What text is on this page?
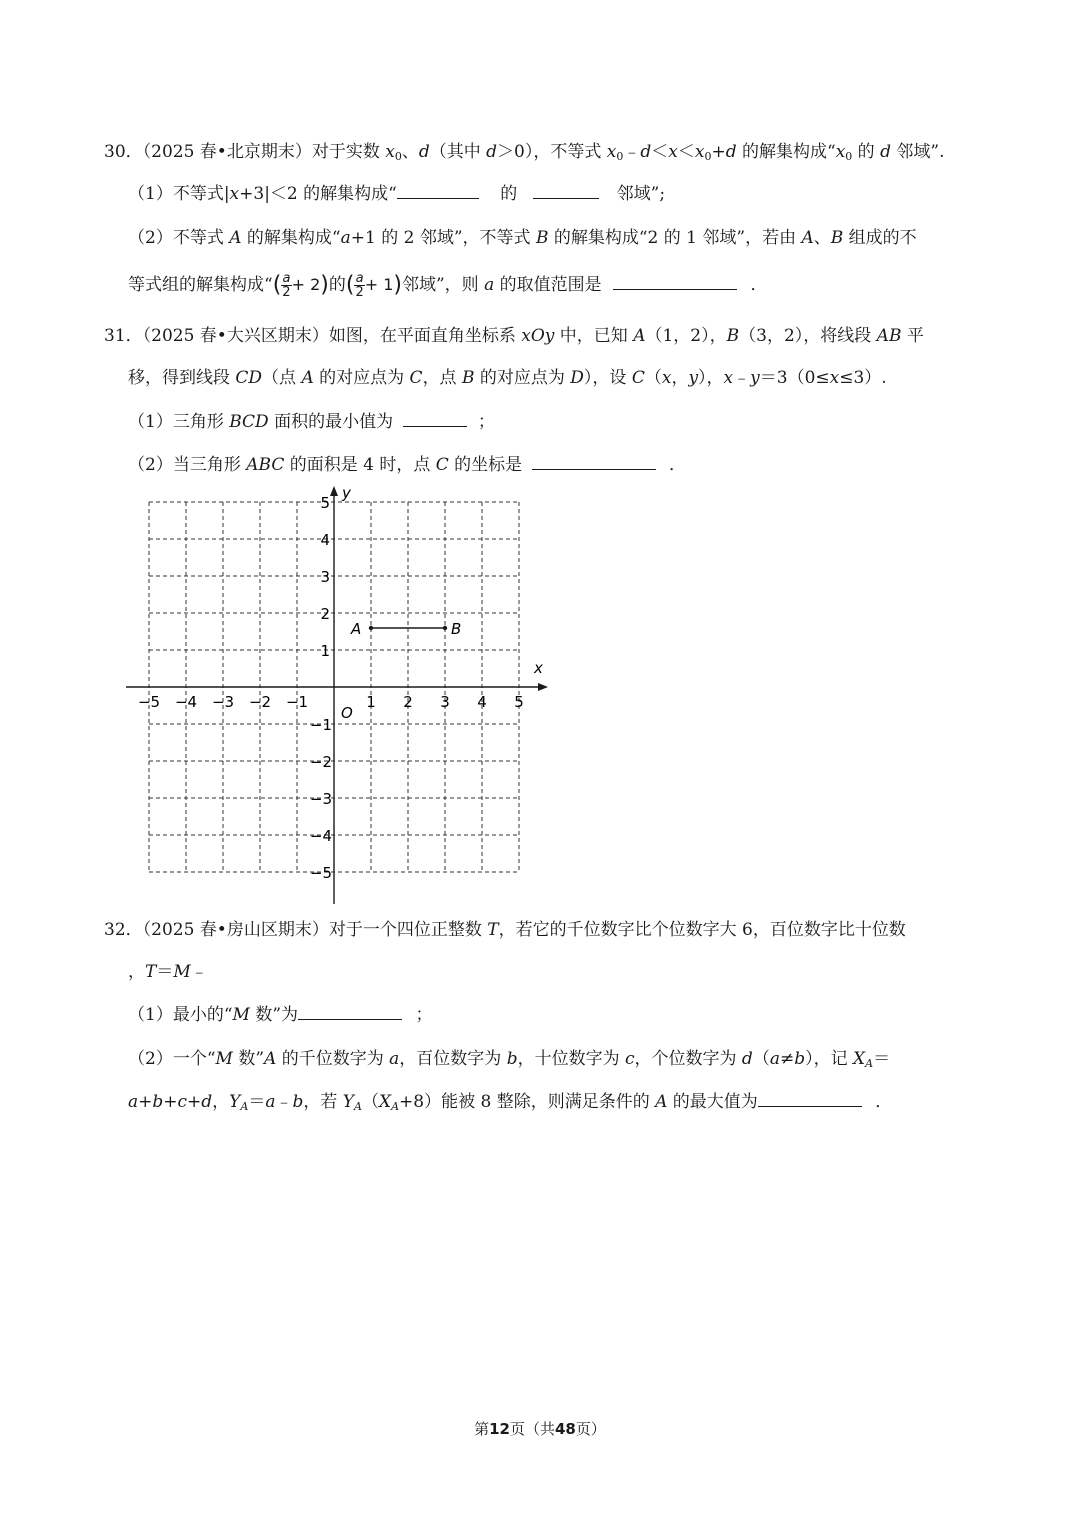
30．（2025 春•北京期末）对于实数 x0、d（其中 d＞0），不等式 x0﹣d＜x＜x0+d 的解集构成“x0 的 d 邻域”.
（1）不等式|x+3|＜2 的解集构成“	的	邻域”;
（2）不等式 A 的解集构成“a+1 的 2 邻域”，不等式 B 的解集构成“2 的 1 邻域”，若由 A、B 组成的不
等式组的解集构成“( $\frac{a}{2} + 2$)的( $\frac{a}{2} + 1$)邻域”，则 a 的取值范围是	．
31．（2025 春•大兴区期末）如图，在平面直角坐标系 xOy 中，已知 A（1，2），B（3，2），将线段 AB 平
移，得到线段 CD（点 A 的对应点为 C，点 B 的对应点为 D），设 C（x，y），x﹣y＝3（0≤x≤3）.
（1）三角形 BCD 面积的最小值为	；
（2）当三角形 ABC 的面积是 4 时，点 C 的坐标是	．
x
y
O
−5 −4 −3 −2 −1	1 2 3 4 5
5
4
3
2
1
−1
−2
−3
−4
−5
A	B
32．（2025 春•房山区期末）对于一个四位正整数 T，若它的千位数字比个位数字大 6，百位数字比十位数
，T＝M﹣
（1）最小的“M 数”为	；
（2）一个“M 数”A 的千位数字为 a，百位数字为 b，十位数字为 c，个位数字为 d（a≠b），记 XA＝
a+b+c+d，YA＝a﹣b，若 YA（XA+8）能被 8 整除，则满足条件的 A 的最大值为	．
第12页（共48页）
